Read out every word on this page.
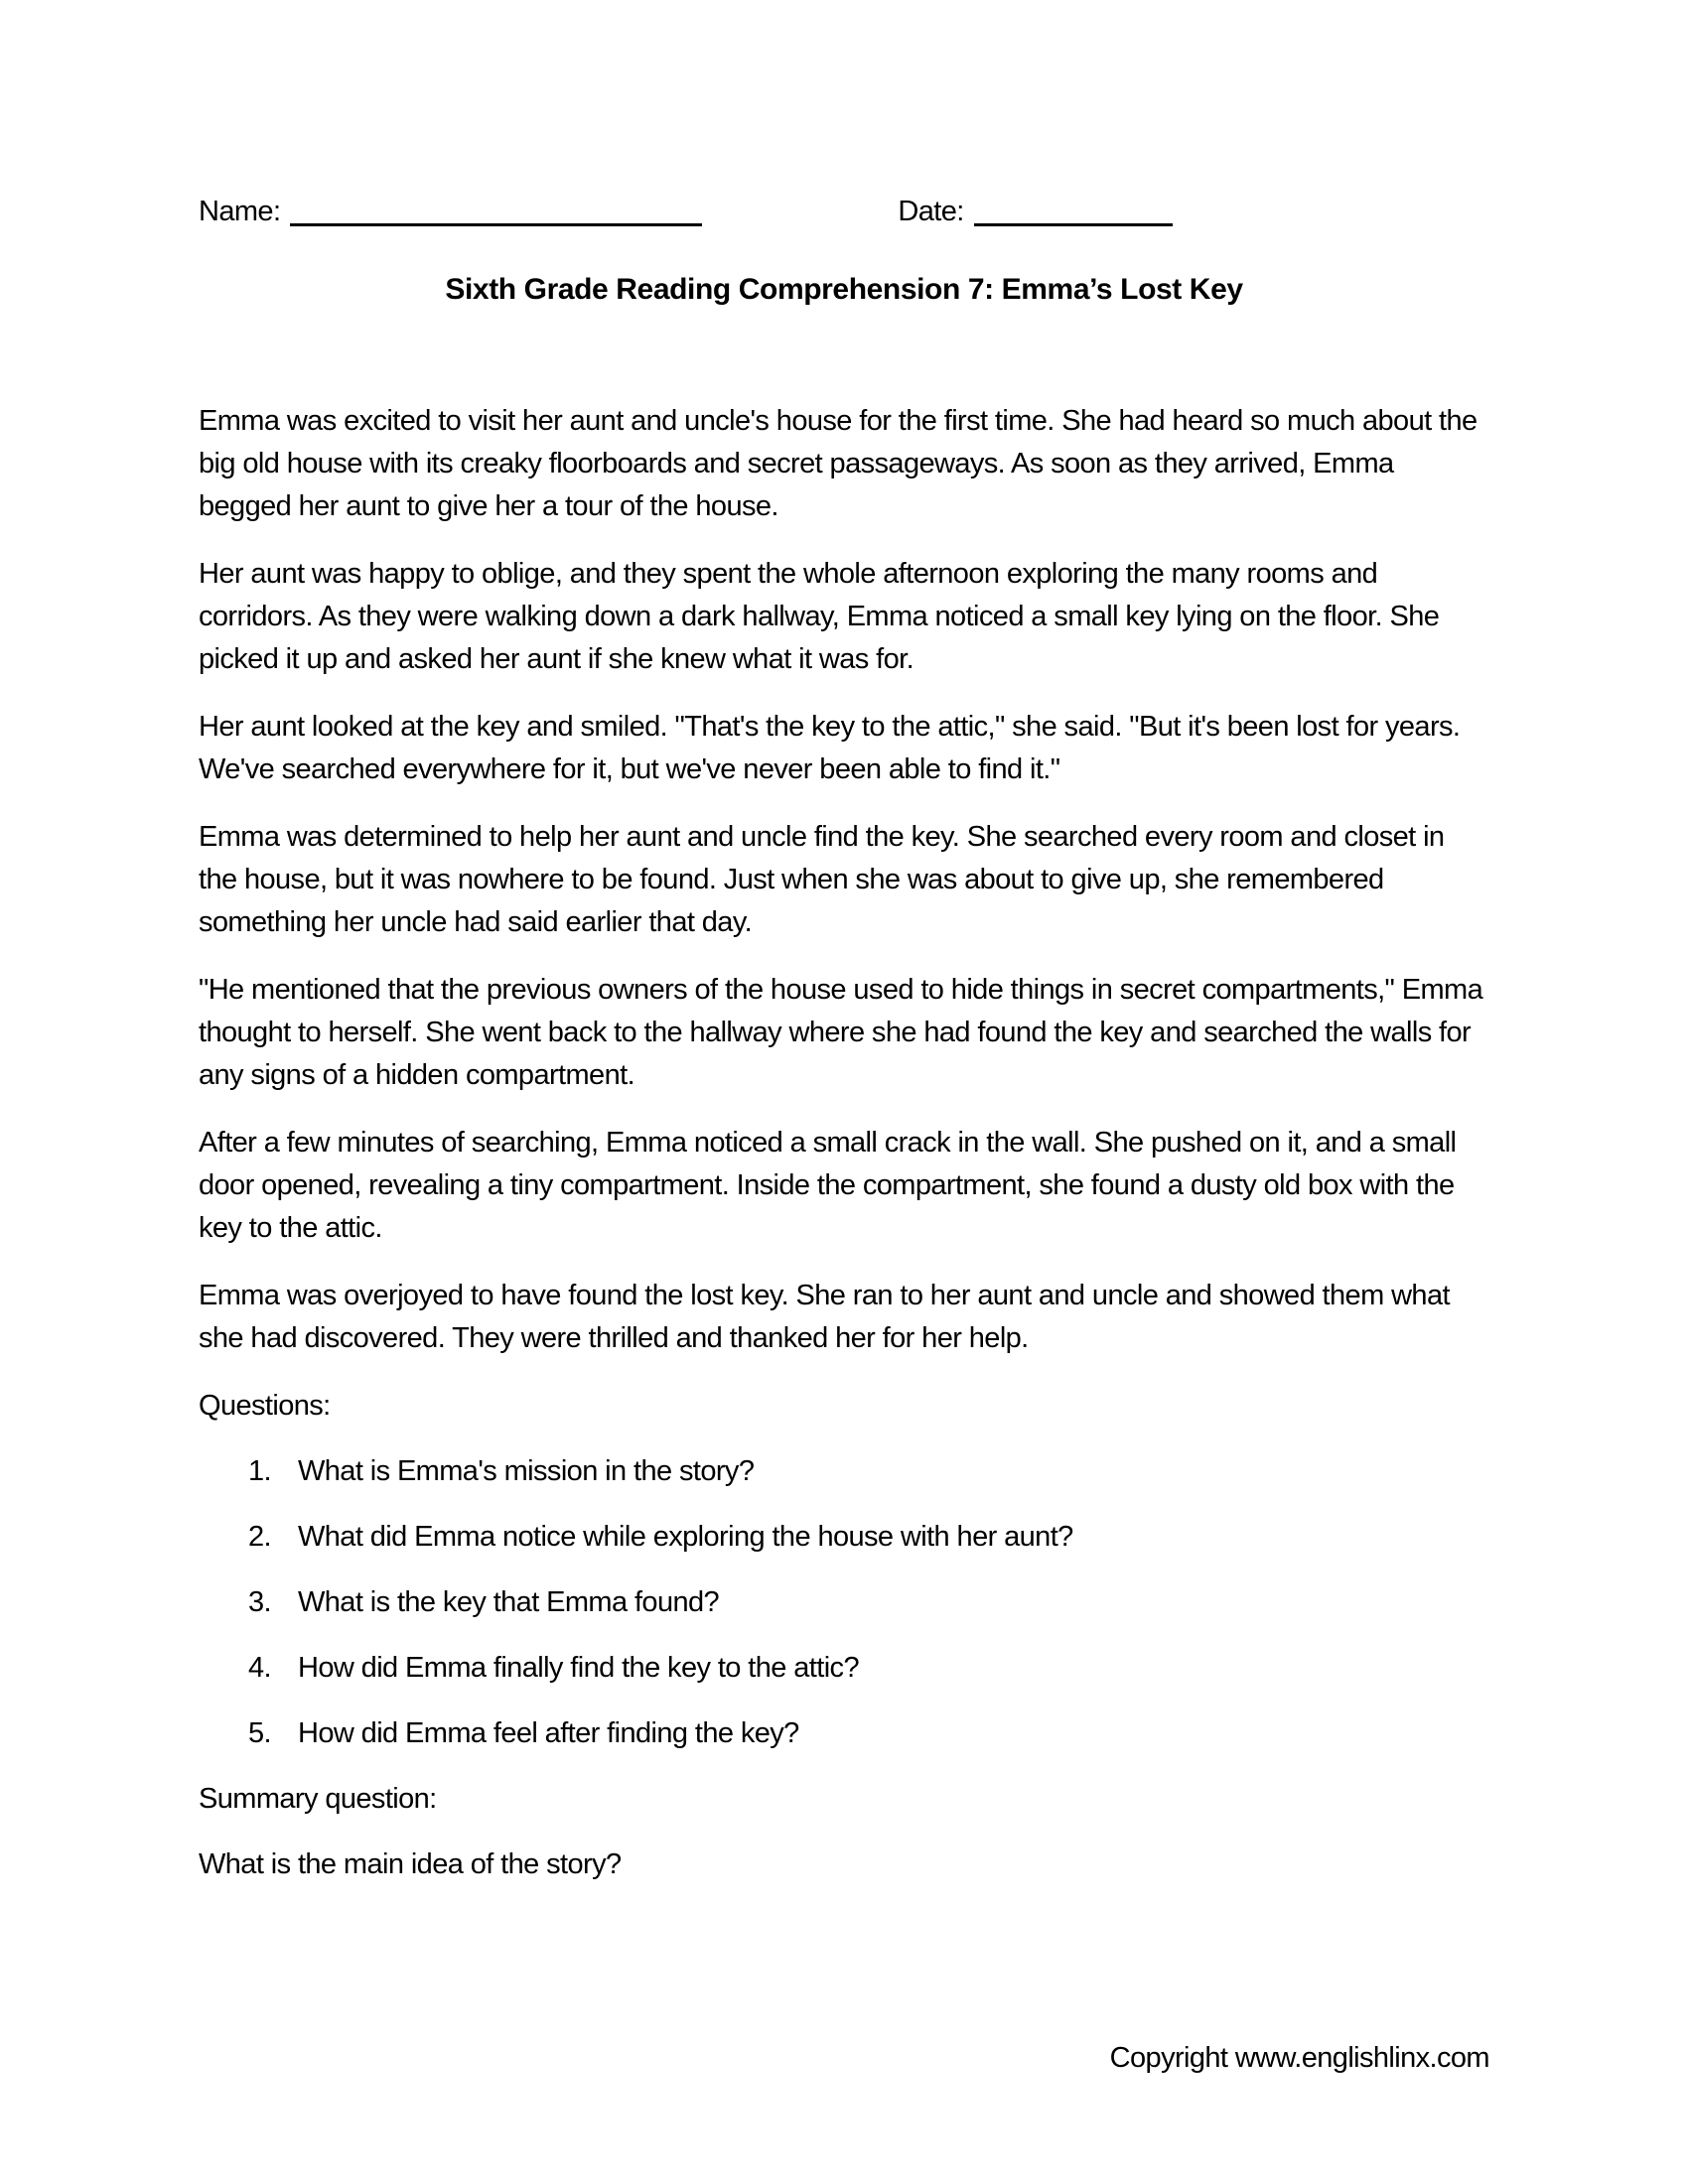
Name:	Date:
Sixth Grade Reading Comprehension 7: Emma’s Lost Key

Emma was excited to visit her aunt and uncle's house for the first time. She had heard so much about the big old house with its creaky floorboards and secret passageways. As soon as they arrived, Emma begged her aunt to give her a tour of the house.

Her aunt was happy to oblige, and they spent the whole afternoon exploring the many rooms and corridors. As they were walking down a dark hallway, Emma noticed a small key lying on the floor. She picked it up and asked her aunt if she knew what it was for.

Her aunt looked at the key and smiled. "That's the key to the attic," she said. "But it's been lost for years. We've searched everywhere for it, but we've never been able to find it."

Emma was determined to help her aunt and uncle find the key. She searched every room and closet in the house, but it was nowhere to be found. Just when she was about to give up, she remembered something her uncle had said earlier that day.

"He mentioned that the previous owners of the house used to hide things in secret compartments," Emma thought to herself. She went back to the hallway where she had found the key and searched the walls for any signs of a hidden compartment.

After a few minutes of searching, Emma noticed a small crack in the wall. She pushed on it, and a small door opened, revealing a tiny compartment. Inside the compartment, she found a dusty old box with the key to the attic.

Emma was overjoyed to have found the lost key. She ran to her aunt and uncle and showed them what she had discovered. They were thrilled and thanked her for her help.

Questions:

1. What is Emma's mission in the story?
2. What did Emma notice while exploring the house with her aunt?
3. What is the key that Emma found?
4. How did Emma finally find the key to the attic?
5. How did Emma feel after finding the key?

Summary question:

What is the main idea of the story?

Copyright www.englishlinx.com
